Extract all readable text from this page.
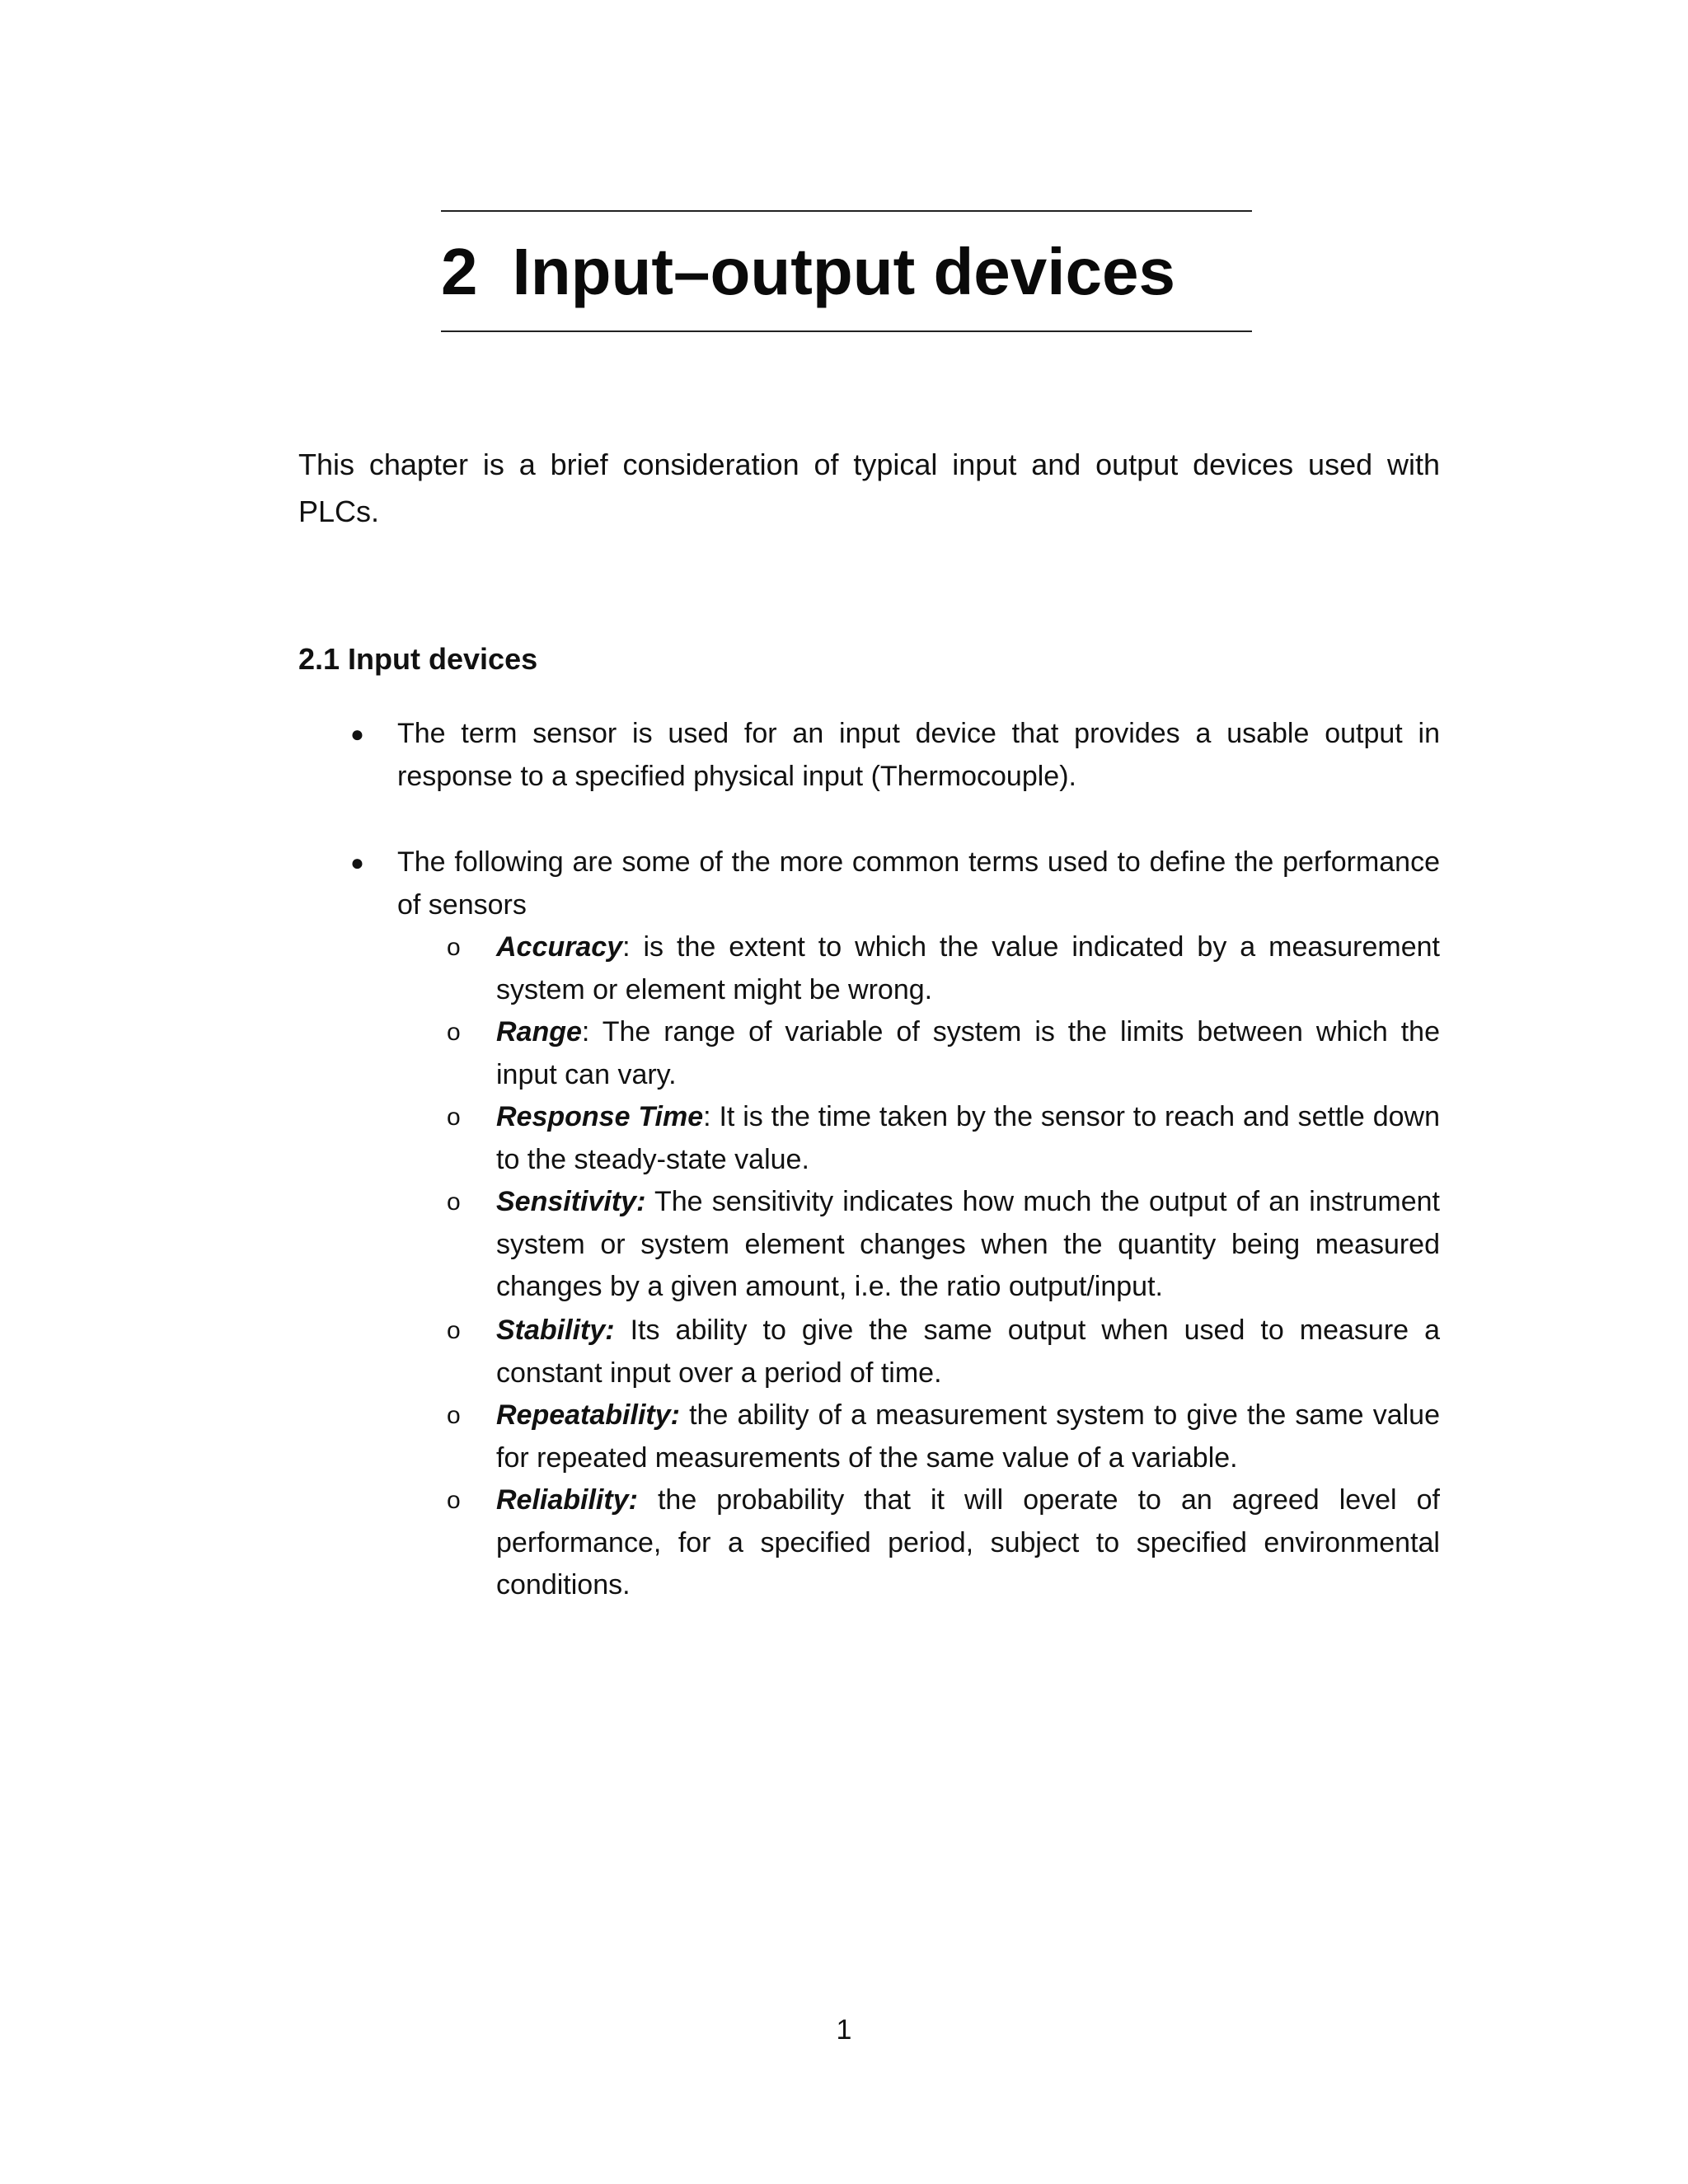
2 Input–output devices

This chapter is a brief consideration of typical input and output devices used with PLCs.

2.1 Input devices
● The term sensor is used for an input device that provides a usable output in response to a specified physical input (Thermocouple).
● The following are some of the more common terms used to define the performance of sensors
o Accuracy: is the extent to which the value indicated by a measurement system or element might be wrong.
o Range: The range of variable of system is the limits between which the input can vary.
o Response Time: It is the time taken by the sensor to reach and settle down to the steady-state value.
o Sensitivity: The sensitivity indicates how much the output of an instrument system or system element changes when the quantity being measured changes by a given amount, i.e. the ratio output/input.
o Stability: Its ability to give the same output when used to measure a constant input over a period of time.
o Repeatability: the ability of a measurement system to give the same value for repeated measurements of the same value of a variable.
o Reliability: the probability that it will operate to an agreed level of performance, for a specified period, subject to specified environmental conditions.
1
